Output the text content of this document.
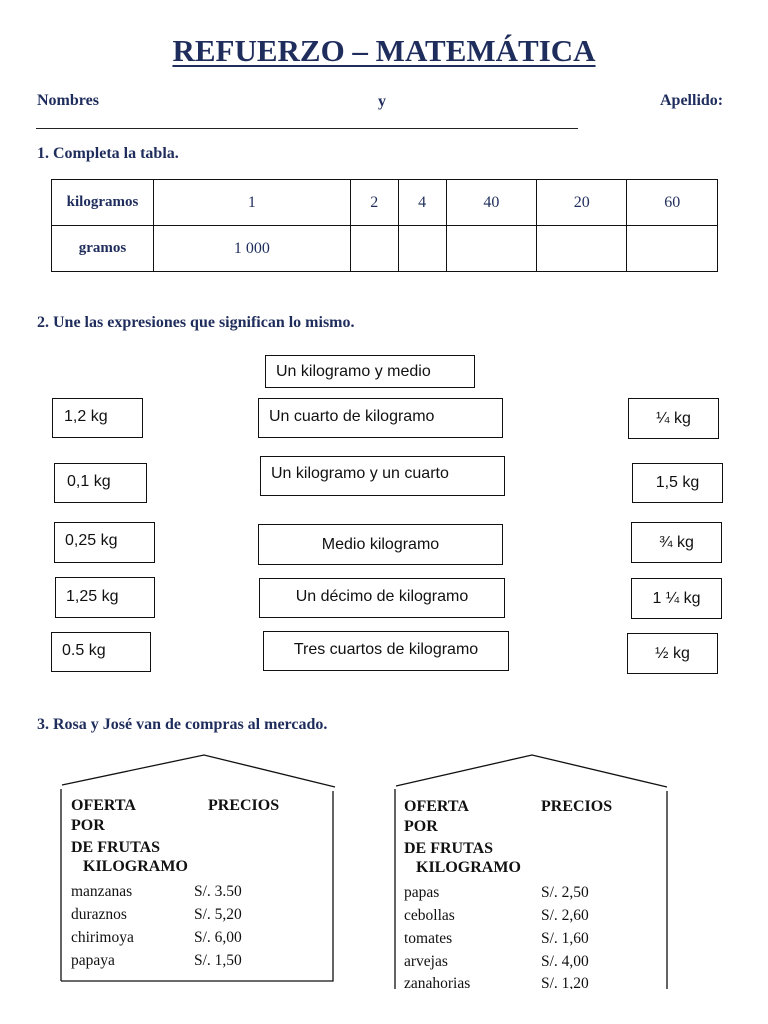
REFUERZO – MATEMÁTICA
Nombres	y	Apellido:
1. Completa la tabla.
kilogramos	1	2	4	40	20	60
gramos	1 000					
2. Une las expresiones que significan lo mismo.
Un kilogramo y medio
Un cuarto de kilogramo
Un kilogramo y un cuarto
Medio kilogramo
Un décimo de kilogramo
Tres cuartos de kilogramo
1,2 kg
0,1 kg
0,25 kg
1,25 kg
0.5 kg
¼ kg
1,5 kg
¾ kg
1 ¼ kg
½ kg
3. Rosa y José van de compras al mercado.
OFERTA	PRECIOS
POR
DE FRUTAS
KILOGRAMO
manzanas	S/. 3.50
duraznos	S/. 5,20
chirimoya	S/. 6,00
papaya	S/. 1,50
OFERTA	PRECIOS
POR
DE FRUTAS
KILOGRAMO
papas	S/. 2,50
cebollas	S/. 2,60
tomates	S/. 1,60
arvejas	S/. 4,00
zanahorias	S/. 1,20
